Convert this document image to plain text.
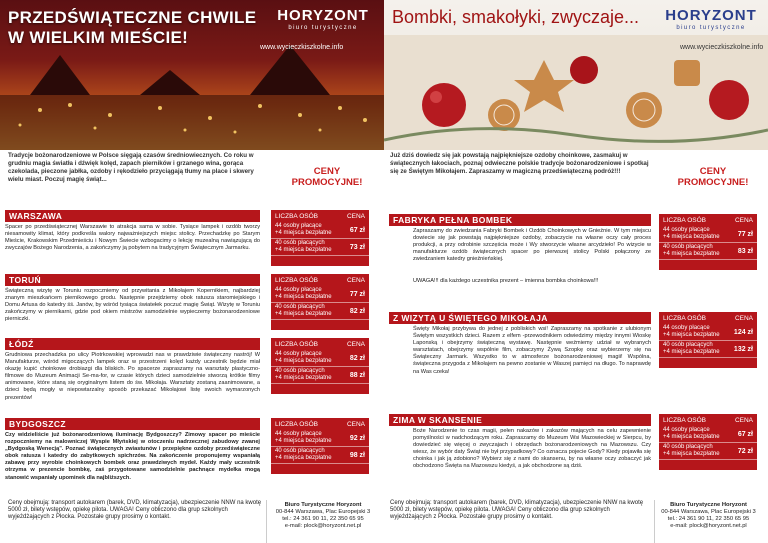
PRZEDŚWIĄTECZNE CHWILE
W WIELKIM MIEŚCIE!
HORYZONT
biuro turystyczne
www.wycieczkiszkolne.info
Tradycje bożonarodzeniowe w Polsce sięgają czasów średniowiecznych. Co roku w grudniu magia światła i dźwięk kolęd, zapach pierników i grzanego wina, gorąca czekolada, pieczone jabłka, ozdoby i rękodzieło przyciągają tłumy na place i skwery wielu miast. Poczuj magię świąt...
CENY
PROMOCYJNE!
WARSZAWA
Spacer po przedświątecznej Warszawie to atrakcja sama w sobie. Tysiące lampek i ozdób tworzy niesamowity klimat, który podkreśla walory najważniejszych miejsc stolicy. Przechadzkę po Starym Mieście, Krakowskim Przedmieściu i Nowym Świecie wzbogacimy o lekcję muzealną nawiązującą do zwyczajów Bożego Narodzenia, a zakończymy ją pobytem na tradycyjnym Świątecznym Jarmarku.
LICZBA OSÓB	CENA
44 osoby płacące
+4 miejsca bezpłatne	67 zł
40 osób płacących
+4 miejsca bezpłatne	73 zł
TORUŃ
Świąteczną wizytę w Toruniu rozpoczniemy od przywitania z Mikołajem Kopernikiem, najbardziej znanym mieszkańcem piernikowego grodu. Następnie przejdziemy obok ratusza staromiejskiego i Domu Artusa do katedry śś. Janów, by wśród tysiąca światełek poczuć magię Świąt. Wizytę w Toruniu zakończymy w piernikarni, gdzie pod okiem mistrzów samodzielnie wypieczemy bożonarodzeniowe pierniczki.
LICZBA OSÓB	CENA
44 osoby płacące
+4 miejsca bezpłatne	77 zł
40 osób płacących
+4 miejsca bezpłatne	82 zł
ŁÓDŹ
Grudniowa przechadzka po ulicy Piotrkowskiej wprowadzi nas w prawdziwie świąteczny nastrój! W Manufakturze, wśród migoczących lampek oraz w przestrzeni kolęd każdy uczestnik będzie miał okazję kupić choinkowe drobiazgi dla bliskich. Po spacerze zapraszamy na warsztaty plastyczno-filmowe do Muzeum Animacji Se-ma-for, w czasie których dzieci samodzielnie stworzą krótkie filmy animowane, które staną się oryginalnym listem do św. Mikołaja. Warsztaty zostaną zaanimowane, a dzieci będą mogły w niepowtarzalny sposób przekazać Mikołajowi listę swoich wymarzonych prezentów!
LICZBA OSÓB	CENA
44 osoby płacące
+4 miejsca bezpłatne	82 zł
40 osób płacących
+4 miejsca bezpłatne	88 zł
BYDGOSZCZ
Czy widzieliście już bożonarodzeniową iluminację Bydgoszczy? Zimowy spacer po mieście rozpoczniemy na malowniczej Wyspie Młyńskiej w otoczeniu nadrzecznej zabudowy zwanej „Bydgoską Wenecją". Poznać świątecznych zwiastunów i przepiękne ozdoby przedświąteczne obok ratusza i katedry do zabytkowych spichrzów. Na zakończenie proponujemy wspaniałą zabawę przy wyrobie choinkowych bombek oraz prawdziwych mydeł. Każdy mały uczestnik otrzyma w prezencie bombkę, zaś przygotowane samodzielnie pachnące mydełka mogą stanowić wspaniały upominek dla najbliższych.
LICZBA OSÓB	CENA
44 osoby płacące
+4 miejsca bezpłatne	92 zł
40 osób płacących
+4 miejsca bezpłatne	98 zł
Ceny obejmują: transport autokarem (barek, DVD, klimatyzacja), ubezpieczenie NNW na kwotę 5000 zł, bilety wstępów, opiekę pilota. UWAGA! Ceny obliczono dla grup szkolnych wyjeżdżających z Płocka. Pozostałe grupy prosimy o kontakt.
Biuro Turystyczne Horyzont
00-844 Warszawa, Plac Europejski 3
tel.: 24 361 90 11, 22 350 65 95
e-mail: plock@horyzont.net.pl
Bombki, smakołyki, zwyczaje...	HORYZONT
biuro turystyczne
www.wycieczkiszkolne.info
Już dziś dowiedz się jak powstają najpiękniejsze ozdoby choinkowe, zasmakuj w świątecznych łakociach, poznaj odwieczne polskie tradycje bożonarodzeniowe i spotkaj się ze Świętym Mikołajem. Zapraszamy w magiczną przedświąteczną podróż!!!	CENY
PROMOCYJNE!
FABRYKA PEŁNA BOMBEK
Zapraszamy do zwiedzania Fabryki Bombek i Ozdób Choinkowych w Gnieźnie. W tym miejscu dowiecie się jak powstają najpiękniejsze ozdoby, zobaczycie na własne oczy cały proces produkcji, a przy odrobinie szczęścia może i Wy stworzycie własne arcydzieło! Po wizycie w manufakturze ozdób świątecznych spacer po pierwszej stolicy Polski połączony ze zwiedzaniem katedry gnieźnieńskiej.
UWAGA!!! dla każdego uczestnika prezent – imienna bombka choinkowa!!!
LICZBA OSÓB	CENA
44 osoby płacące
+4 miejsca bezpłatne	77 zł
40 osób płacących
+4 miejsca bezpłatne	83 zł
Z WIZYTĄ U ŚWIĘTEGO MIKOŁAJA
Święty Mikołaj przybywa do jednej z pobliskich wsi! Zapraszamy na spotkanie z ulubionym Świętym wszystkich dzieci. Razem z elfem -przewodnikiem odwiedzimy między innymi Wioskę Laponską i obejrzymy świąteczną wystawę. Następnie weźmiemy udział w wybranych warsztatach, obejrzymy wspólnie film, zobaczymy Żywą Szopkę oraz wybierzemy się na Świąteczny Jarmark. Wszystko to w atmosferze bożonarodzeniowej magii! Wspólna, świąteczna przygoda z Mikołajem na pewno zostanie w Waszej pamięci na długo. To naprawdę na Was czeka!
LICZBA OSÓB	CENA
44 osoby płacące
+4 miejsca bezpłatne 124 zł
40 osób płacących
+4 miejsca bezpłatne 132 zł
ZIMA W SKANSENIE
Boże Narodzenie to czas magii, pełen nakazów i zakazów mających na celu zapewnienie pomyślności w nadchodzącym roku. Zapraszamy do Muzeum Wsi Mazowieckiej w Sierpcu, by dowiedzieć się więcej o zwyczajach i obrzędach bożonarodzeniowych na Mazowszu. Czy wiesz, że wybór daty Świąt nie był przypadkowy? Co oznacza pojecie Gody? Kiedy pojawiła się choinka i jak ją zdobiono? Wybierz się z nami do skansenu, by na własne oczy zobaczyć jak obchodzono Święta na Mazowszu kiedyś, a jak obchodzone są dziś.
LICZBA OSÓB	CENA
44 osoby płacące
+4 miejsca bezpłatne	67 zł
40 osób płacących
+4 miejsca bezpłatne	72 zł
Ceny obejmują: transport autokarem (barek, DVD, klimatyzacja), ubezpieczenie NNW na kwotę 5000 zł, bilety wstępów, opiekę pilota. UWAGA! Ceny obliczono dla grup szkolnych wyjeżdżających z Płocka. Pozostałe grupy prosimy o kontakt.
Biuro Turystyczne Horyzont
00-844 Warszawa, Plac Europejski 3
tel.: 24 361 90 11, 22 350 65 95
e-mail: plock@horyzont.net.pl
